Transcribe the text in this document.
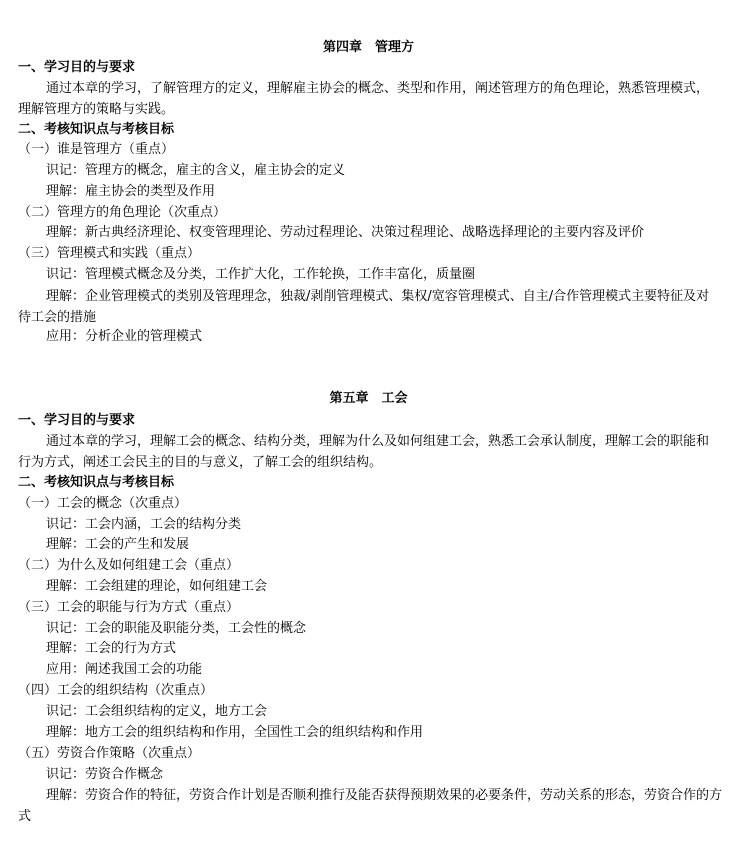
第四章　管理方
一、学习目的与要求
通过本章的学习，了解管理方的定义，理解雇主协会的概念、类型和作用，阐述管理方的角色理论，熟悉管理模式，理解管理方的策略与实践。
二、考核知识点与考核目标
（一）谁是管理方（重点）
识记：管理方的概念，雇主的含义，雇主协会的定义
理解：雇主协会的类型及作用
（二）管理方的角色理论（次重点）
理解：新古典经济理论、权变管理理论、劳动过程理论、决策过程理论、战略选择理论的主要内容及评价
（三）管理模式和实践（重点）
识记：管理模式概念及分类，工作扩大化，工作轮换，工作丰富化，质量圈
理解：企业管理模式的类别及管理理念，独裁/剥削管理模式、集权/宽容管理模式、自主/合作管理模式主要特征及对待工会的措施
应用：分析企业的管理模式
第五章　工会
一、学习目的与要求
通过本章的学习，理解工会的概念、结构分类，理解为什么及如何组建工会，熟悉工会承认制度，理解工会的职能和行为方式，阐述工会民主的目的与意义，了解工会的组织结构。
二、考核知识点与考核目标
（一）工会的概念（次重点）
识记：工会内涵，工会的结构分类
理解：工会的产生和发展
（二）为什么及如何组建工会（重点）
理解：工会组建的理论，如何组建工会
（三）工会的职能与行为方式（重点）
识记：工会的职能及职能分类，工会性的概念
理解：工会的行为方式
应用：阐述我国工会的功能
（四）工会的组织结构（次重点）
识记：工会组织结构的定义，地方工会
理解：地方工会的组织结构和作用，全国性工会的组织结构和作用
（五）劳资合作策略（次重点）
识记：劳资合作概念
理解：劳资合作的特征，劳资合作计划是否顺利推行及能否获得预期效果的必要条件，劳动关系的形态，劳资合作的方式
